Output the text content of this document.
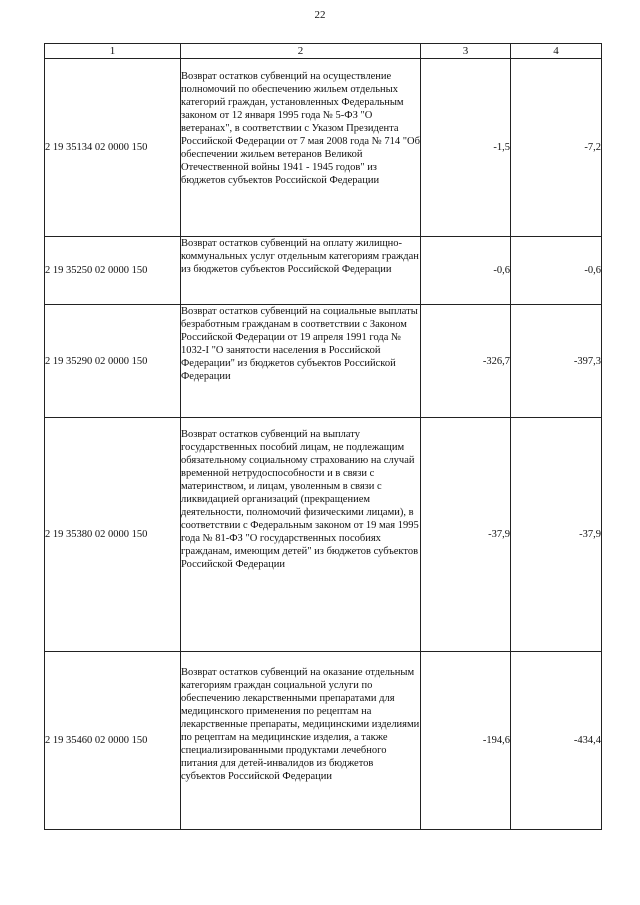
22
1	2	3	4
2 19 35134 02 0000 150	Возврат остатков субвенций на осуществление полномочий по обеспечению жильем отдельных категорий граждан, установленных Федеральным законом от 12 января 1995 года № 5-ФЗ "О ветеранах", в соответствии с Указом Президента Российской Федерации от 7 мая 2008 года № 714 "Об обеспечении жильем ветеранов Великой Отечественной войны 1941 - 1945 годов" из бюджетов субъектов Российской Федерации	-1,5	-7,2
2 19 35250 02 0000 150	Возврат остатков субвенций на оплату жилищно-коммунальных услуг отдельным категориям граждан из бюджетов субъектов Российской Федерации	-0,6	-0,6
2 19 35290 02 0000 150	Возврат остатков субвенций на социальные выплаты безработным гражданам в соответствии с Законом Российской Федерации от 19 апреля 1991 года № 1032-I "О занятости населения в Российской Федерации" из бюджетов субъектов Российской Федерации	-326,7	-397,3
2 19 35380 02 0000 150	Возврат остатков субвенций на выплату государственных пособий лицам, не подлежащим обязательному социальному страхованию на случай временной нетрудоспособности и в связи с материнством, и лицам, уволенным в связи с ликвидацией организаций (прекращением деятельности, полномочий физическими лицами), в соответствии с Федеральным законом от 19 мая 1995 года № 81-ФЗ "О государственных пособиях гражданам, имеющим детей" из бюджетов субъектов Российской Федерации	-37,9	-37,9
2 19 35460 02 0000 150	Возврат остатков субвенций на оказание отдельным категориям граждан социальной услуги по обеспечению лекарственными препаратами для медицинского применения по рецептам на лекарственные препараты, медицинскими изделиями по рецептам на медицинские изделия, а также специализированными продуктами лечебного питания для детей-инвалидов из бюджетов субъектов Российской Федерации	-194,6	-434,4
